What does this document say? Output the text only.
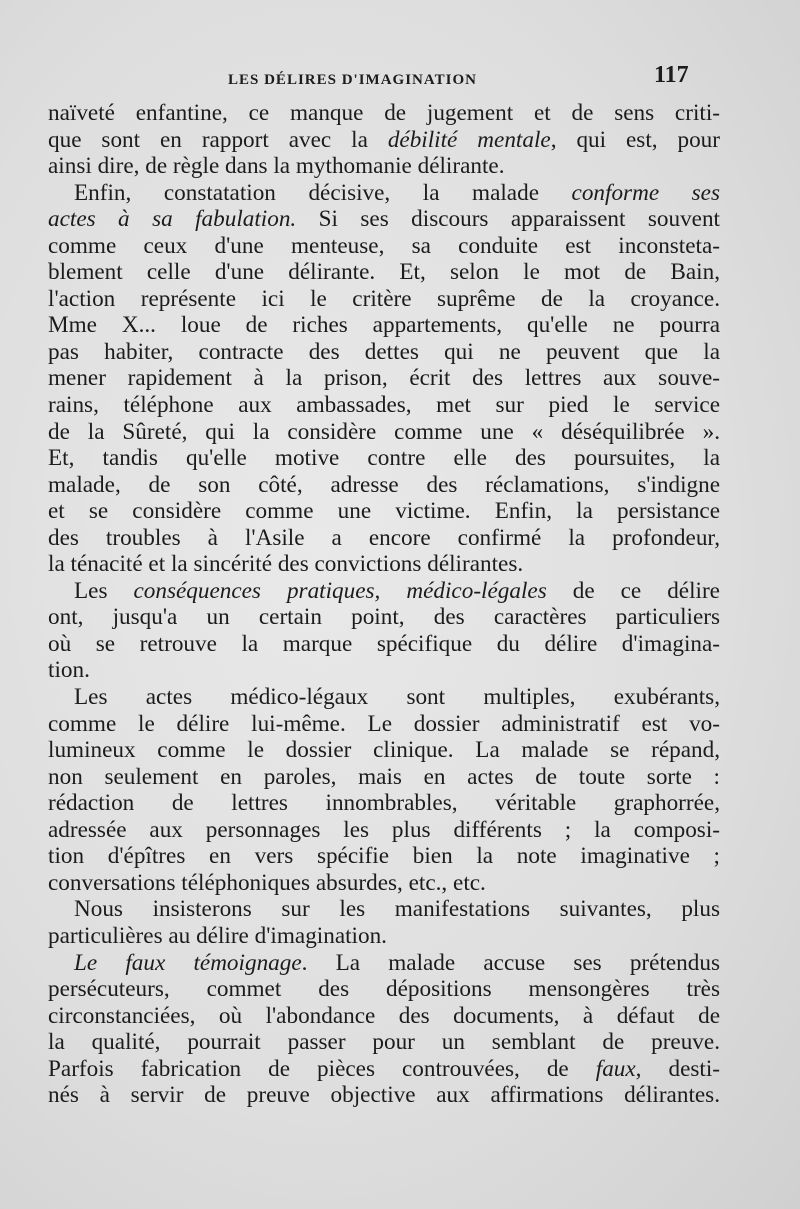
LES DÉLIRES D'IMAGINATION	117
naïveté enfantine, ce manque de jugement et de sens criti-
que sont en rapport avec la débilité mentale, qui est, pour
ainsi dire, de règle dans la mythomanie délirante.
Enfin, constatation décisive, la malade conforme ses
actes à sa fabulation. Si ses discours apparaissent souvent
comme ceux d'une menteuse, sa conduite est inconsteta-
blement celle d'une délirante. Et, selon le mot de Bain,
l'action représente ici le critère suprême de la croyance.
Mme X... loue de riches appartements, qu'elle ne pourra
pas habiter, contracte des dettes qui ne peuvent que la
mener rapidement à la prison, écrit des lettres aux souve-
rains, téléphone aux ambassades, met sur pied le service
de la Sûreté, qui la considère comme une « déséquilibrée ».
Et, tandis qu'elle motive contre elle des poursuites, la
malade, de son côté, adresse des réclamations, s'indigne
et se considère comme une victime. Enfin, la persistance
des troubles à l'Asile a encore confirmé la profondeur,
la ténacité et la sincérité des convictions délirantes.
Les conséquences pratiques, médico-légales de ce délire
ont, jusqu'a un certain point, des caractères particuliers
où se retrouve la marque spécifique du délire d'imagina-
tion.
Les actes médico-légaux sont multiples, exubérants,
comme le délire lui-même. Le dossier administratif est vo-
lumineux comme le dossier clinique. La malade se répand,
non seulement en paroles, mais en actes de toute sorte :
rédaction de lettres innombrables, véritable graphorrée,
adressée aux personnages les plus différents ; la composi-
tion d'épîtres en vers spécifie bien la note imaginative ;
conversations téléphoniques absurdes, etc., etc.
Nous insisterons sur les manifestations suivantes, plus
particulières au délire d'imagination.
Le faux témoignage. La malade accuse ses prétendus
persécuteurs, commet des dépositions mensongères très
circonstanciées, où l'abondance des documents, à défaut de
la qualité, pourrait passer pour un semblant de preuve.
Parfois fabrication de pièces controuvées, de faux, desti-
nés à servir de preuve objective aux affirmations délirantes.
